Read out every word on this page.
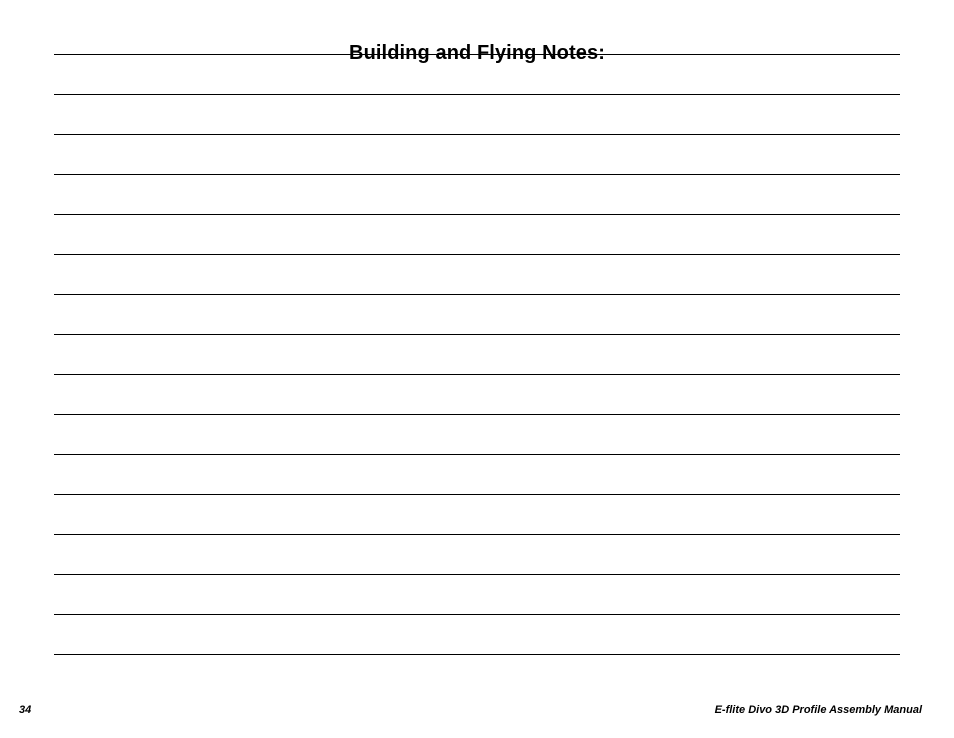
Building and Flying Notes:
34	E-flite Divo 3D Profile Assembly Manual
